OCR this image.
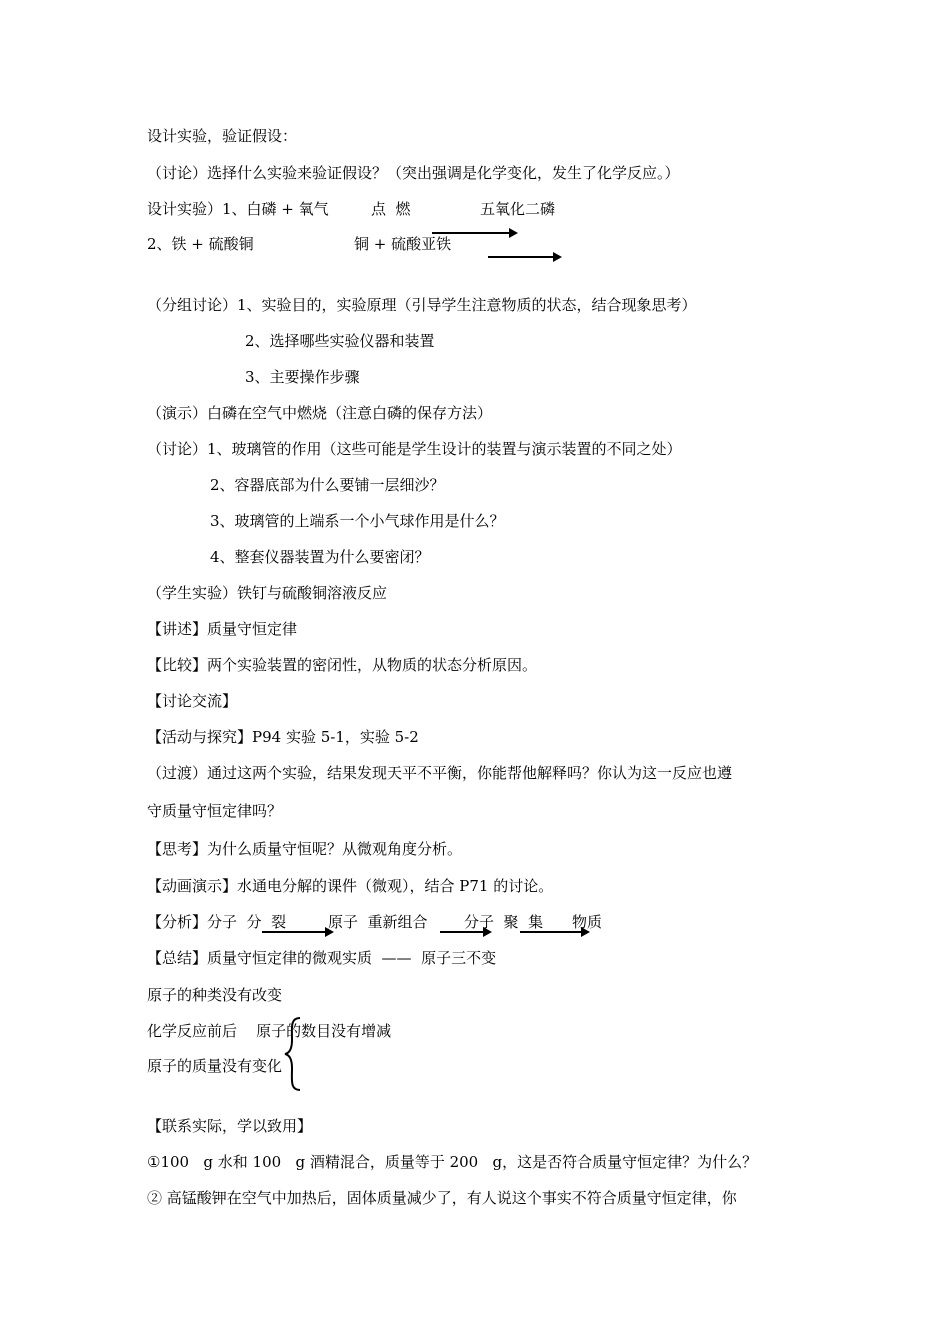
设计实验，验证假设：
（讨论）选择什么实验来验证假设？（突出强调是化学变化，发生了化学反应。）
设计实验）1、白磷 + 氧气	点  燃	五氧化二磷
2、铁 + 硫酸铜	铜 + 硫酸亚铁
（分组讨论）1、实验目的，实验原理（引导学生注意物质的状态，结合现象思考）
2、选择哪些实验仪器和装置
3、主要操作步骤
（演示）白磷在空气中燃烧（注意白磷的保存方法）
（讨论）1、玻璃管的作用（这些可能是学生设计的装置与演示装置的不同之处）
2、容器底部为什么要铺一层细沙？
3、玻璃管的上端系一个小气球作用是什么？
4、整套仪器装置为什么要密闭？
（学生实验）铁钉与硫酸铜溶液反应
【讲述】质量守恒定律
【比较】两个实验装置的密闭性，从物质的状态分析原因。
【讨论交流】
【活动与探究】P94 实验 5-1，实验 5-2
（过渡）通过这两个实验，结果发现天平不平衡，你能帮他解释吗？你认为这一反应也遵
守质量守恒定律吗？
【思考】为什么质量守恒呢？从微观角度分析。
【动画演示】水通电分解的课件（微观），结合 P71 的讨论。
【分析】分子  分  裂	原子  重新组合 分子  聚  集 物质
【总结】质量守恒定律的微观实质  ——  原子三不变
原子的种类没有改变
化学反应前后    原子的数目没有增减
原子的质量没有变化
【联系实际，学以致用】
①100   g 水和 100   g 酒精混合，质量等于 200   g，这是否符合质量守恒定律？为什么？
② 高锰酸钾在空气中加热后，固体质量减少了，有人说这个事实不符合质量守恒定律，你
